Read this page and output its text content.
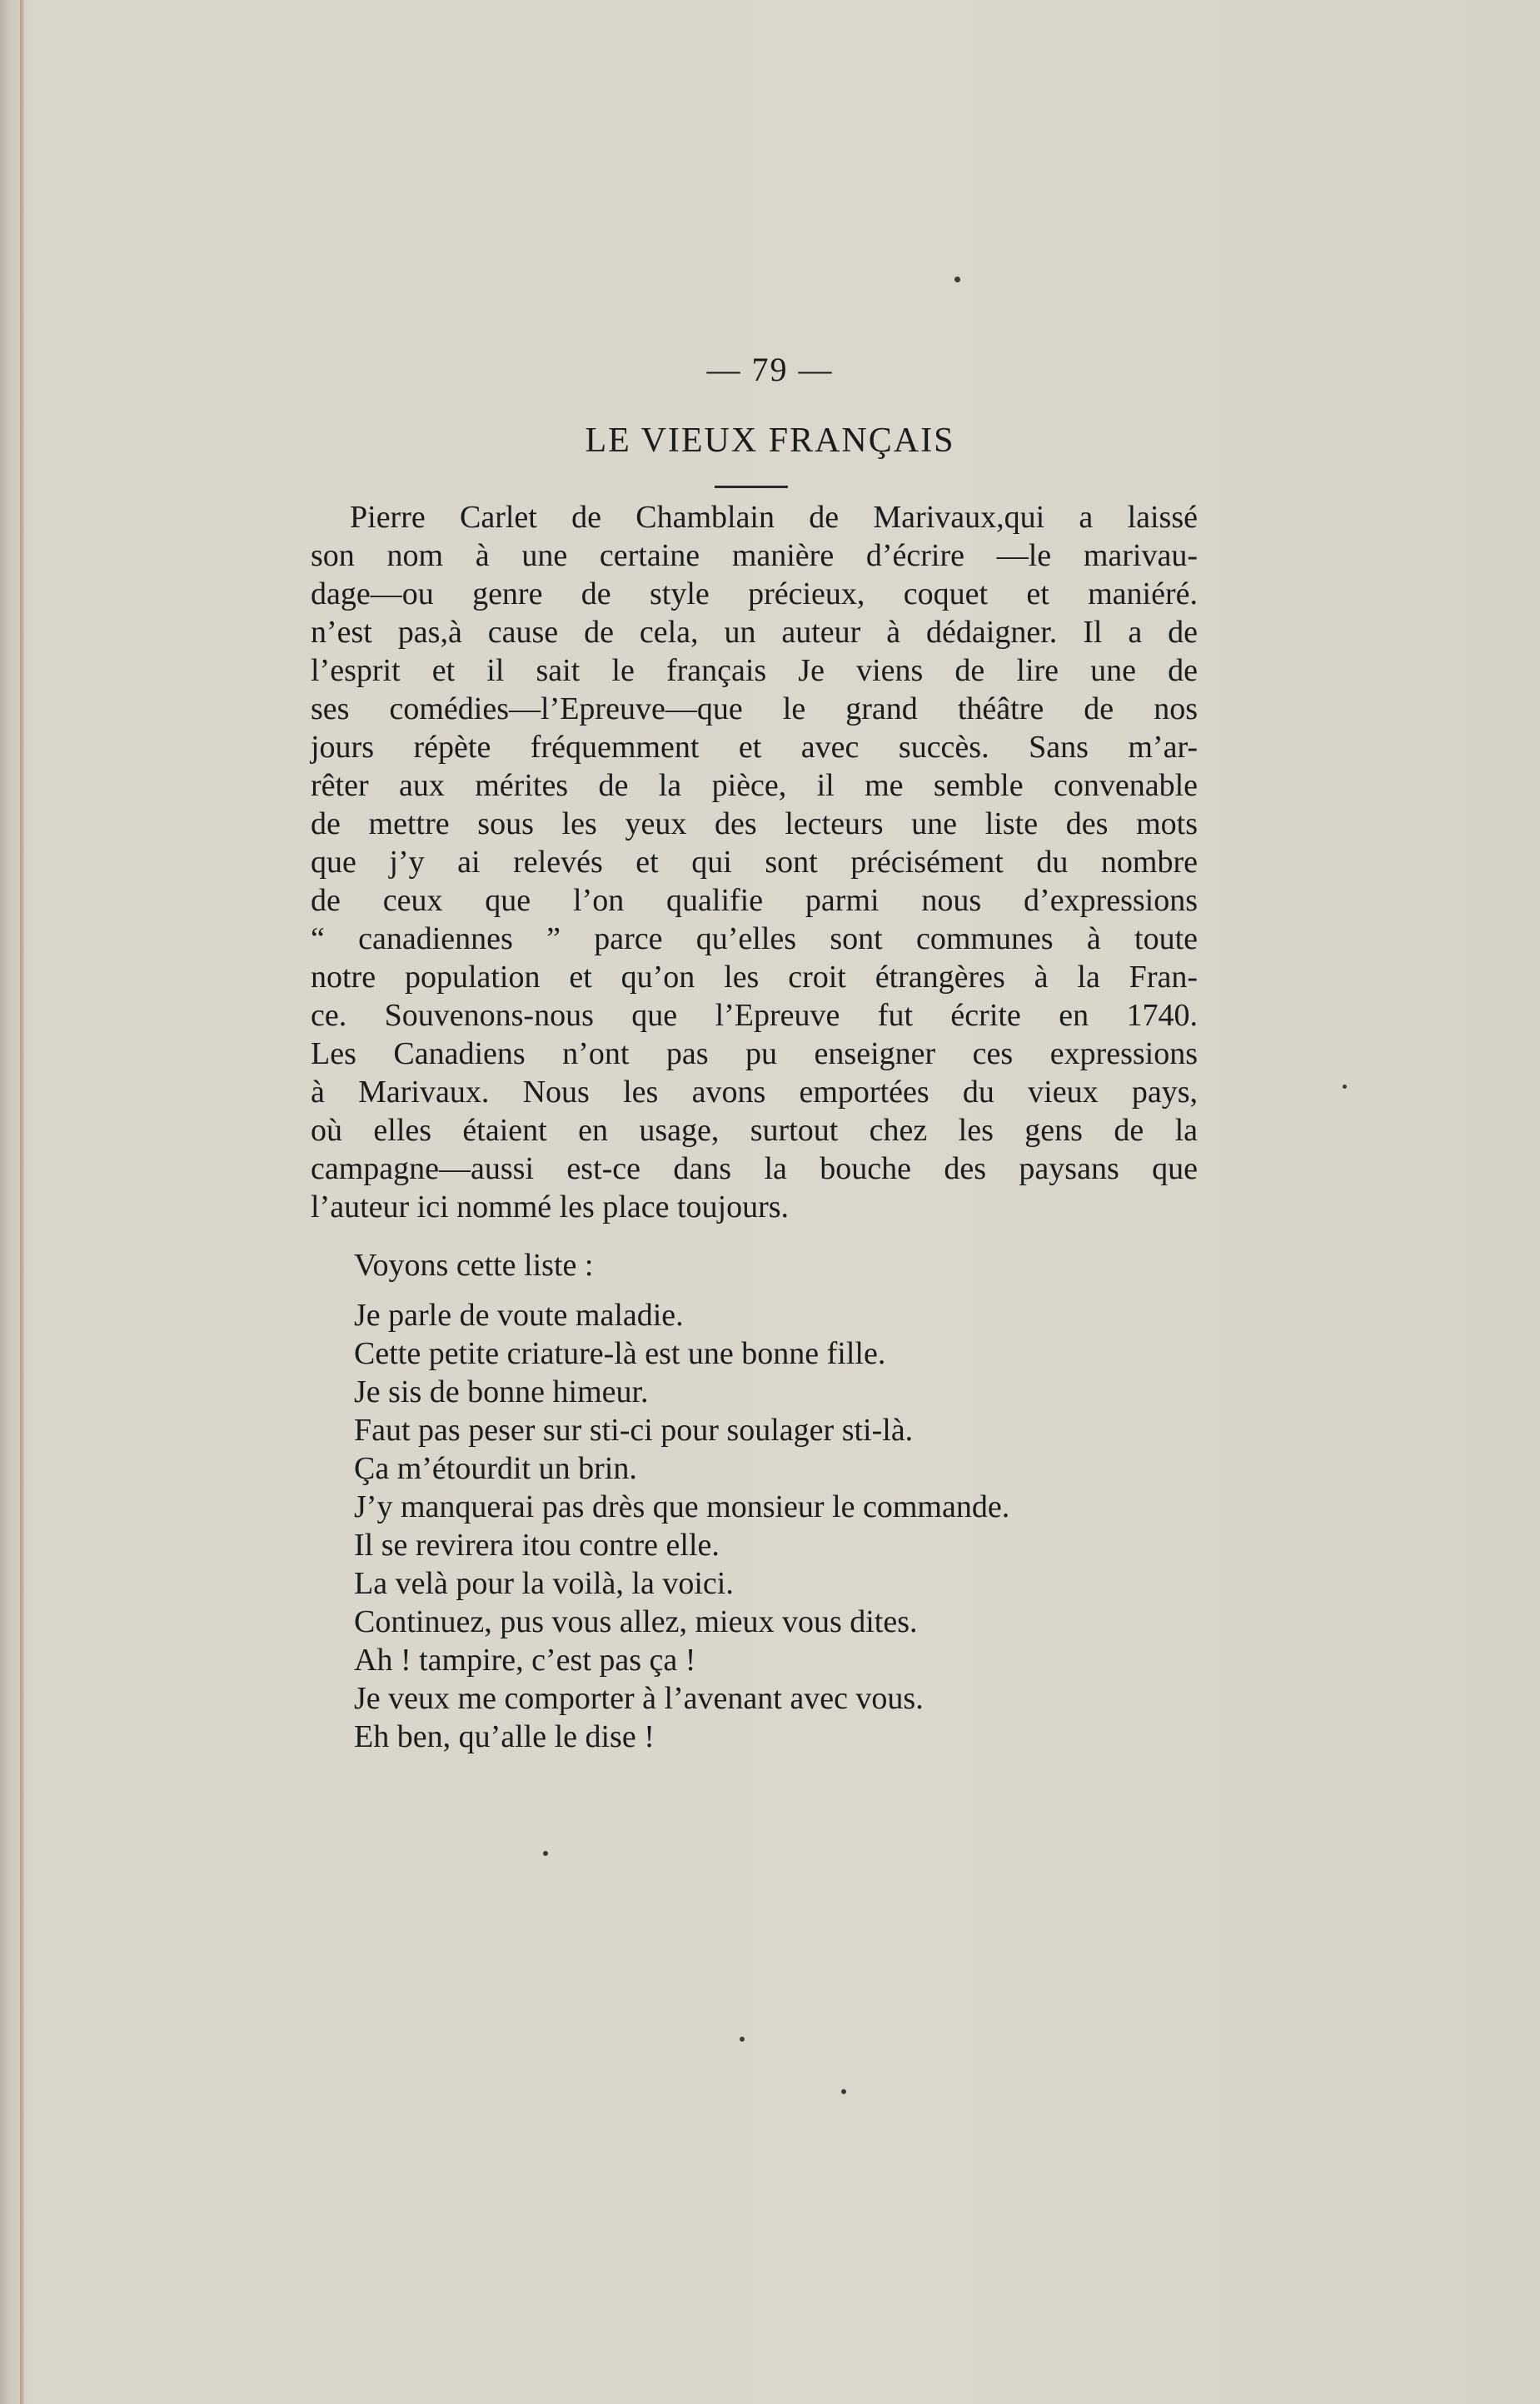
— 79 —
LE VIEUX FRANÇAIS
Pierre Carlet de Chamblain de Marivaux,qui a laissé
son nom à une certaine manière d’écrire —le marivau-
dage—ou genre de style précieux, coquet et maniéré.
n’est pas,à cause de cela, un auteur à dédaigner. Il a de
l’esprit et il sait le français Je viens de lire une de
ses comédies—l’Epreuve—que le grand théâtre de nos
jours répète fréquemment et avec succès. Sans m’ar-
rêter aux mérites de la pièce, il me semble convenable
de mettre sous les yeux des lecteurs une liste des mots
que j’y ai relevés et qui sont précisément du nombre
de ceux que l’on qualifie parmi nous d’expressions
“ canadiennes ” parce qu’elles sont communes à toute
notre population et qu’on les croit étrangères à la Fran-
ce. Souvenons-nous que l’Epreuve fut écrite en 1740.
Les Canadiens n’ont pas pu enseigner ces expressions
à Marivaux. Nous les avons emportées du vieux pays,
où elles étaient en usage, surtout chez les gens de la
campagne—aussi est-ce dans la bouche des paysans que
l’auteur ici nommé les place toujours.
Voyons cette liste :
Je parle de voute maladie.
Cette petite criature-là est une bonne fille.
Je sis de bonne himeur.
Faut pas peser sur sti-ci pour soulager sti-là.
Ça m’étourdit un brin.
J’y manquerai pas drès que monsieur le commande.
Il se revirera itou contre elle.
La velà pour la voilà, la voici.
Continuez, pus vous allez, mieux vous dites.
Ah ! tampire, c’est pas ça !
Je veux me comporter à l’avenant avec vous.
Eh ben, qu’alle le dise !
